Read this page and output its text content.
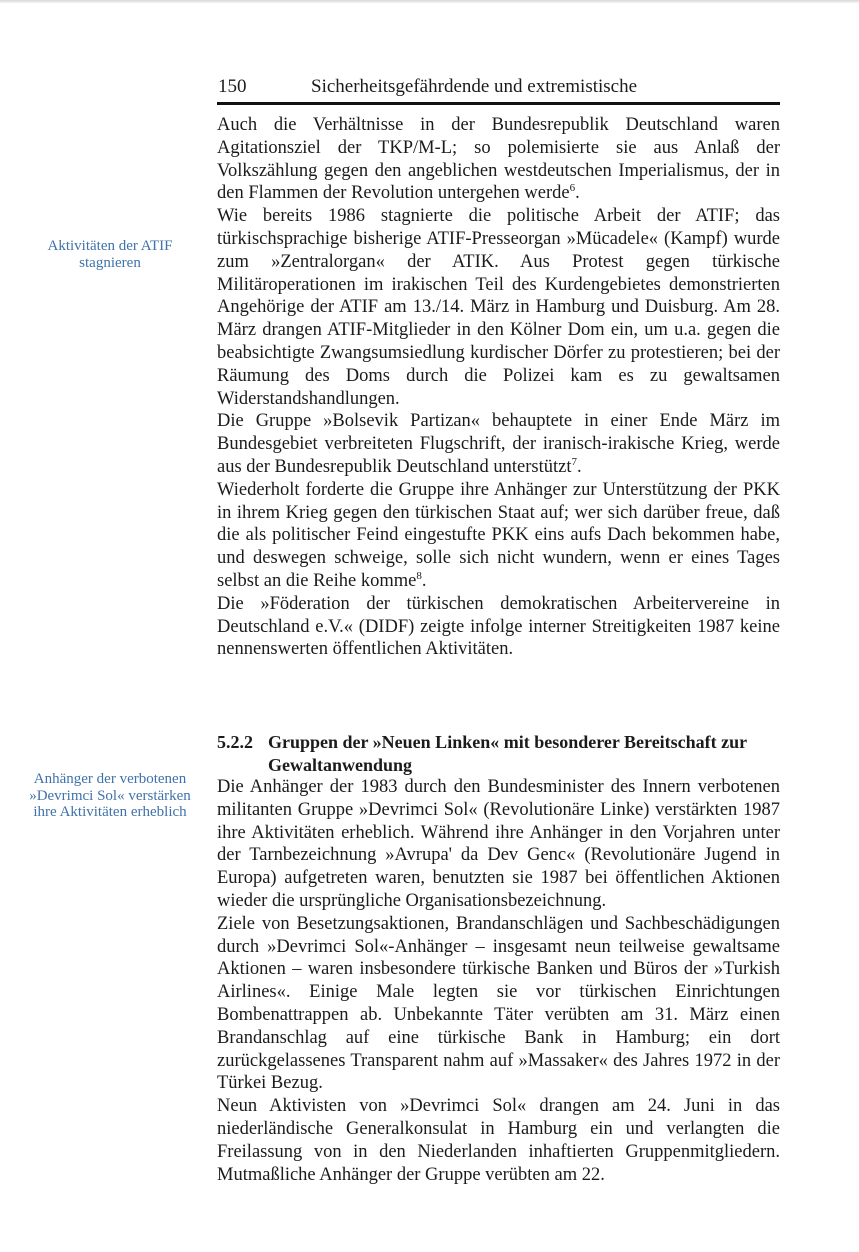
150	Sicherheitsgefährdende und extremistische
Aktivitäten der ATIF stagnieren
Anhänger der verbotenen »Devrimci Sol« verstärken ihre Aktivitäten erheblich

Auch die Verhältnisse in der Bundesrepublik Deutschland waren Agitationsziel der TKP/M-L; so polemisierte sie aus Anlaß der Volkszählung gegen den angeblichen westdeutschen Imperialismus, der in den Flammen der Revolution untergehen werde$^6$.

Wie bereits 1986 stagnierte die politische Arbeit der ATIF; das türkischsprachige bisherige ATIF-Presseorgan »Mücadele« (Kampf) wurde zum »Zentralorgan« der ATIK. Aus Protest gegen türkische Militäroperationen im irakischen Teil des Kurdengebietes demonstrierten Angehörige der ATIF am 13./14. März in Hamburg und Duisburg. Am 28. März drangen ATIF-Mitglieder in den Kölner Dom ein, um u.a. gegen die beabsichtigte Zwangsumsiedlung kurdischer Dörfer zu protestieren; bei der Räumung des Doms durch die Polizei kam es zu gewaltsamen Widerstandshandlungen.

Die Gruppe »Bolsevik Partizan« behauptete in einer Ende März im Bundesgebiet verbreiteten Flugschrift, der iranisch-irakische Krieg, werde aus der Bundesrepublik Deutschland unterstützt$^7$.

Wiederholt forderte die Gruppe ihre Anhänger zur Unterstützung der PKK in ihrem Krieg gegen den türkischen Staat auf; wer sich darüber freue, daß die als politischer Feind eingestufte PKK eins aufs Dach bekommen habe, und deswegen schweige, solle sich nicht wundern, wenn er eines Tages selbst an die Reihe komme$^8$.

Die »Föderation der türkischen demokratischen Arbeitervereine in Deutschland e.V.« (DIDF) zeigte infolge interner Streitigkeiten 1987 keine nennenswerten öffentlichen Aktivitäten.

5.2.2 Gruppen der »Neuen Linken« mit besonderer Bereitschaft zur Gewaltanwendung

Die Anhänger der 1983 durch den Bundesminister des Innern verbotenen militanten Gruppe »Devrimci Sol« (Revolutionäre Linke) verstärkten 1987 ihre Aktivitäten erheblich. Während ihre Anhänger in den Vorjahren unter der Tarnbezeichnung »Avrupa' da Dev Genc« (Revolutionäre Jugend in Europa) aufgetreten waren, benutzten sie 1987 bei öffentlichen Aktionen wieder die ursprüngliche Organisationsbezeichnung.

Ziele von Besetzungsaktionen, Brandanschlägen und Sachbeschädigungen durch »Devrimci Sol«-Anhänger – insgesamt neun teilweise gewaltsame Aktionen – waren insbesondere türkische Banken und Büros der »Turkish Airlines«. Einige Male legten sie vor türkischen Einrichtungen Bombenattrappen ab. Unbekannte Täter verübten am 31. März einen Brandanschlag auf eine türkische Bank in Hamburg; ein dort zurückgelassenes Transparent nahm auf »Massaker« des Jahres 1972 in der Türkei Bezug.

Neun Aktivisten von »Devrimci Sol« drangen am 24. Juni in das niederländische Generalkonsulat in Hamburg ein und verlangten die Freilassung von in den Niederlanden inhaftierten Gruppenmitgliedern. Mutmaßliche Anhänger der Gruppe verübten am 22.
